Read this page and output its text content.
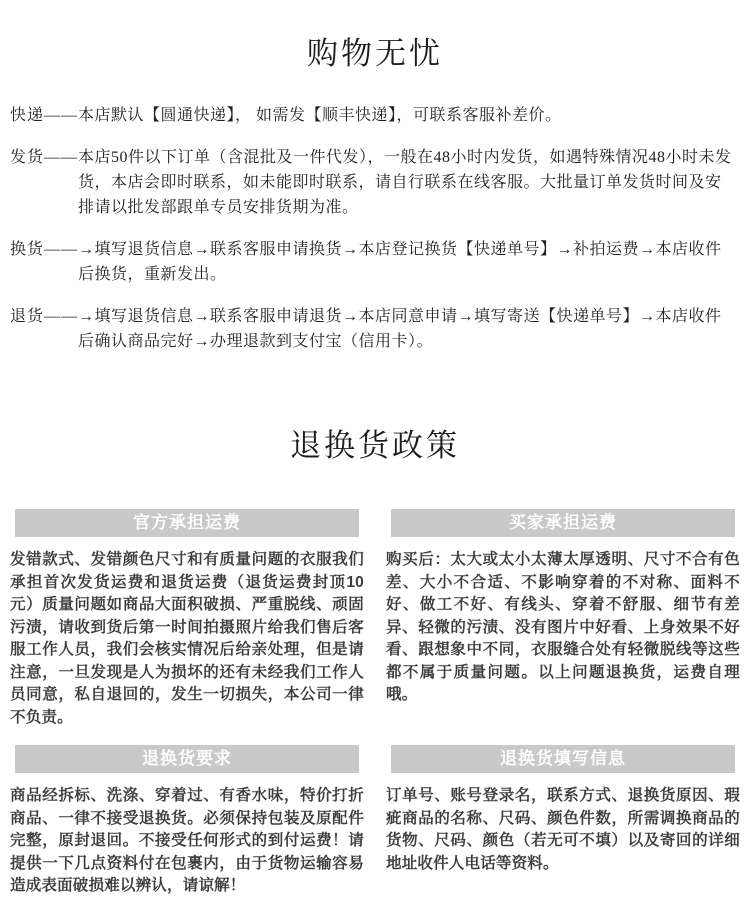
购物无忧
快递—— 本店默认【圆通快递】， 如需发【顺丰快递】，可联系客服补差价。
发货—— 本店50件以下订单（含混批及一件代发），一般在48小时内发货，如遇特殊情况48小时未发货，本店会即时联系，如未能即时联系，请自行联系在线客服。大批量订单发货时间及安排请以批发部跟单专员安排货期为准。
换货—— →填写退货信息→联系客服申请换货→本店登记换货【快递单号】→补拍运费→本店收件后换货，重新发出。
退货—— →填写退货信息→联系客服申请退货→本店同意申请→填写寄送【快递单号】→本店收件后确认商品完好→办理退款到支付宝（信用卡）。
退换货政策
官方承担运费
发错款式、发错颜色尺寸和有质量问题的衣服我们承担首次发货运费和退货运费（退货运费封顶10元）质量问题如商品大面积破损、严重脱线、顽固污渍，请收到货后第一时间拍摄照片给我们售后客服工作人员，我们会核实情况后给亲处理，但是请注意，一旦发现是人为损坏的还有未经我们工作人员同意，私自退回的，发生一切损失，本公司一律不负责。
买家承担运费
购买后：太大或太小太薄太厚透明、尺寸不合有色差、大小不合适、不影响穿着的不对称、面料不好、做工不好、有线头、穿着不舒服、细节有差异、轻微的污渍、没有图片中好看、上身效果不好看、跟想象中不同，衣服缝合处有轻微脱线等这些都不属于质量问题。以上问题退换货，运费自理哦。
退换货要求
商品经拆标、洗涤、穿着过、有香水味，特价打折商品、一律不接受退换货。必须保持包装及原配件完整，原封退回。不接受任何形式的到付运费！请提供一下几点资料付在包裹内，由于货物运输容易造成表面破损难以辨认，请谅解！
退换货填写信息
订单号、账号登录名，联系方式、退换货原因、瑕疵商品的名称、尺码、颜色件数，所需调换商品的货物、尺码、颜色（若无可不填）以及寄回的详细地址收件人电话等资料。
